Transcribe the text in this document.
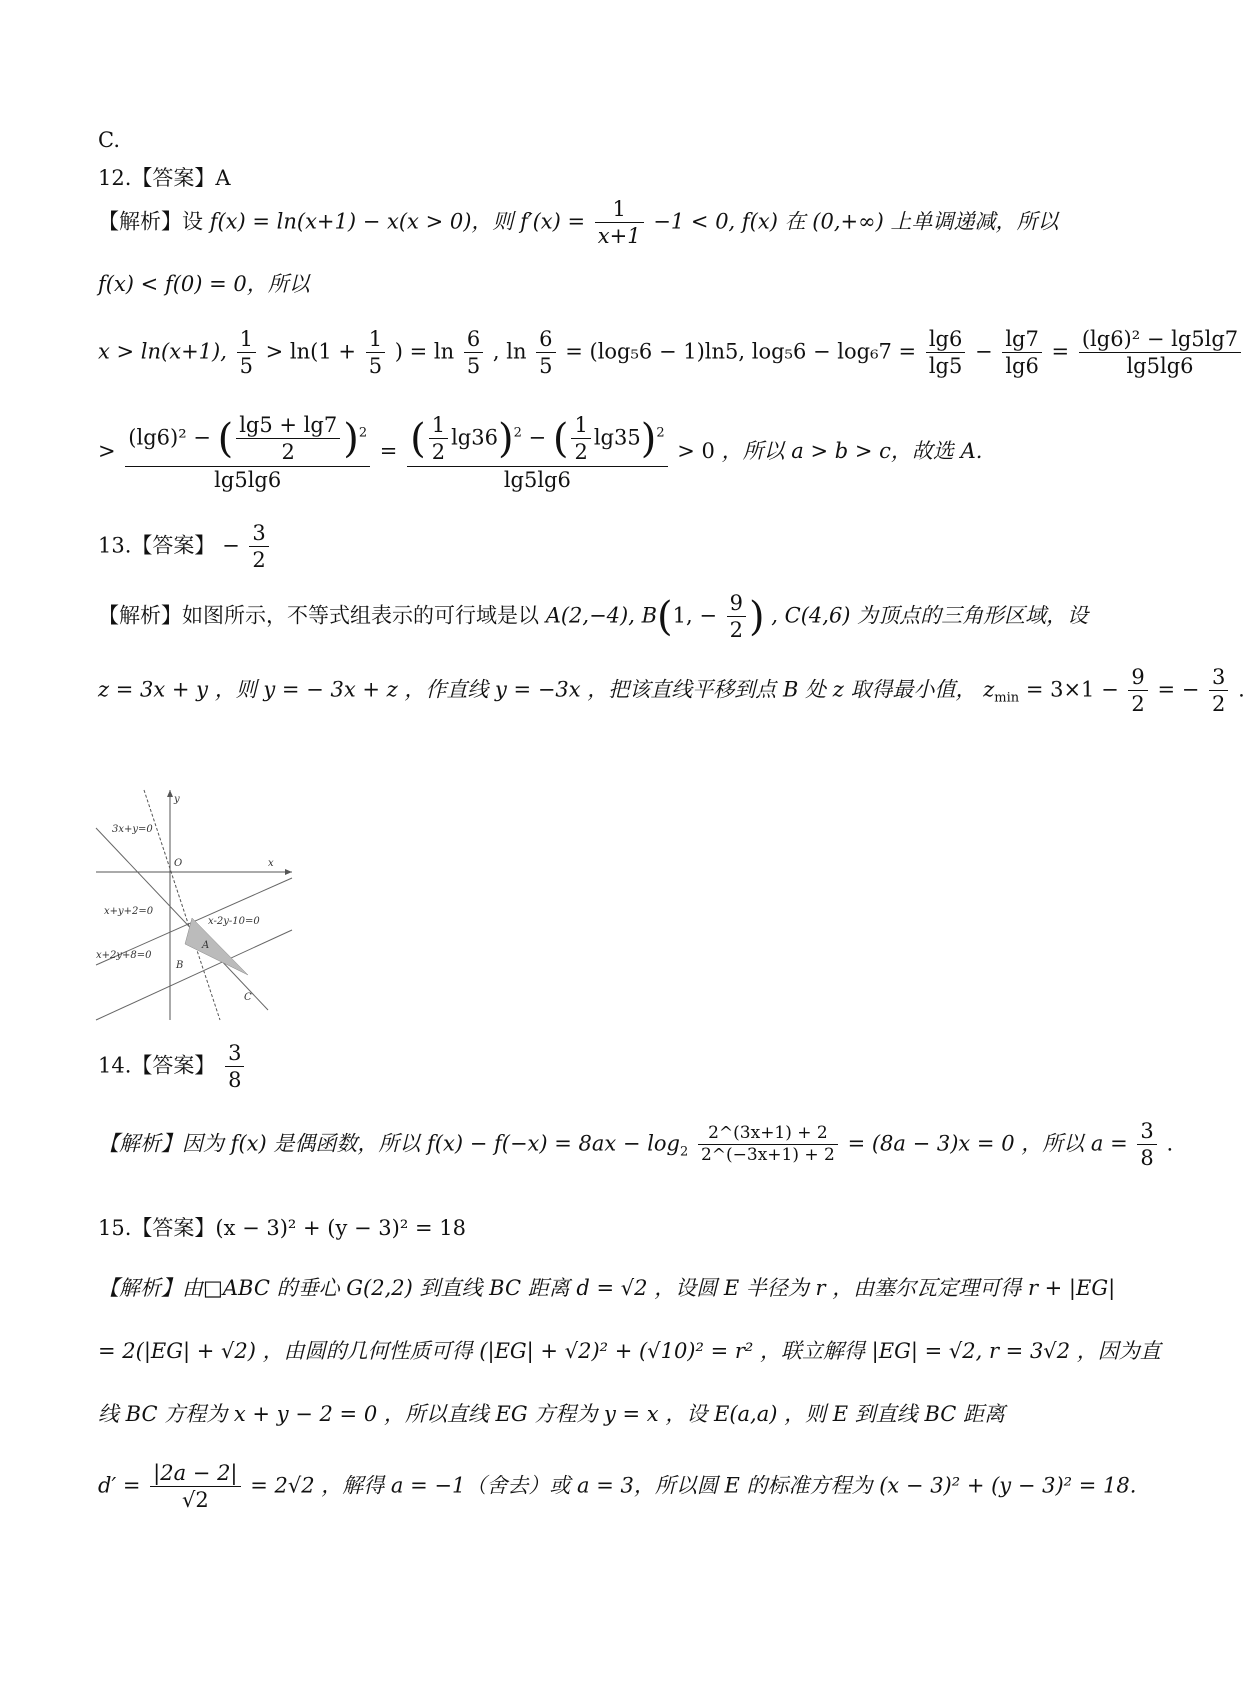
C.
12.【答案】A
【解析】设 f(x) = ln(x+1) − x(x > 0)，则 $f'(x) = \frac{1}{x+1} -1 < 0$, f(x) 在 (0,+∞) 上单调递减，所以
f(x) < f(0) = 0，所以
x > ln(x+1), $\frac{1}{5} > \ln(1 + \frac{1}{5}$ ) = $\ln \frac{6}{5}$ , $\ln \frac{6}{5} = (\log_56 - 1)\ln 5$, $\log_56 - \log_67 = \frac{\lg 6}{\lg 5} - \frac{\lg 7}{\lg 6} = \frac{\text{(lg6)² − lg5lg7}}{\lg 5\lg 6}$
> $\frac{(\lg 6)^2 - ( \frac{\lg 5 + \lg 7}{2} )^2}{\lg 5\lg 6} = \frac{( \frac{1}{2} \lg 36)^2 - ( \frac{1}{2} \lg 35)^2}{\lg 5\lg 6} > 0$ ，所以 a > b > c，故选 A.
13.【答案】 − $\frac{3}{2}$
【解析】如图所示，不等式组表示的可行域是以 A(2,−4), B(1, − $\frac{9}{2}$ ) , C(4,6) 为顶点的三角形区域，设
z = 3x + y ，则 y = − 3x + z ，作直线 y = −3x ，把该直线平移到点 B 处 z 取得最小值， $z_{min} = 3\times 1 - \frac{9}{2}$ = − $\frac{3}{2}$ .
y
x
O
3x+y=0
x+y+2=0
x-2y-10=0
x+2y+8=0
A
B
C
14.【答案】 $\frac{3}{8}$
【解析】因为 f(x) 是偶函数，所以 $f(x) - f(-x) = 8ax - \log_2 \frac{2\^{}(3x+1) + 2}{2\^{}(-3x+1) + 2} = (8a - 3)x = 0$ ，所以 $a = \frac{3}{8}$ .
15.【答案】(x − 3)² + (y − 3)² = 18
【解析】由□ABC 的垂心 G(2,2) 到直线 BC 距离 d = √2 ，设圆 E 半径为 r ，由塞尔瓦定理可得 r + |EG|
= 2(|EG| + √2) ，由圆的几何性质可得 (|EG| + √2)² + (√10)² = r² ，联立解得 |EG| = √2, r = 3√2 ，因为直
线 BC 方程为 x + y − 2 = 0 ，所以直线 EG 方程为 y = x ，设 E(a,a) ，则 E 到直线 BC 距离
$d' = \frac{|2a - 2|}{√2} = 2√2$ ，解得 a = −1（舍去）或 a = 3，所以圆 E 的标准方程为 (x − 3)² + (y − 3)² = 18.
